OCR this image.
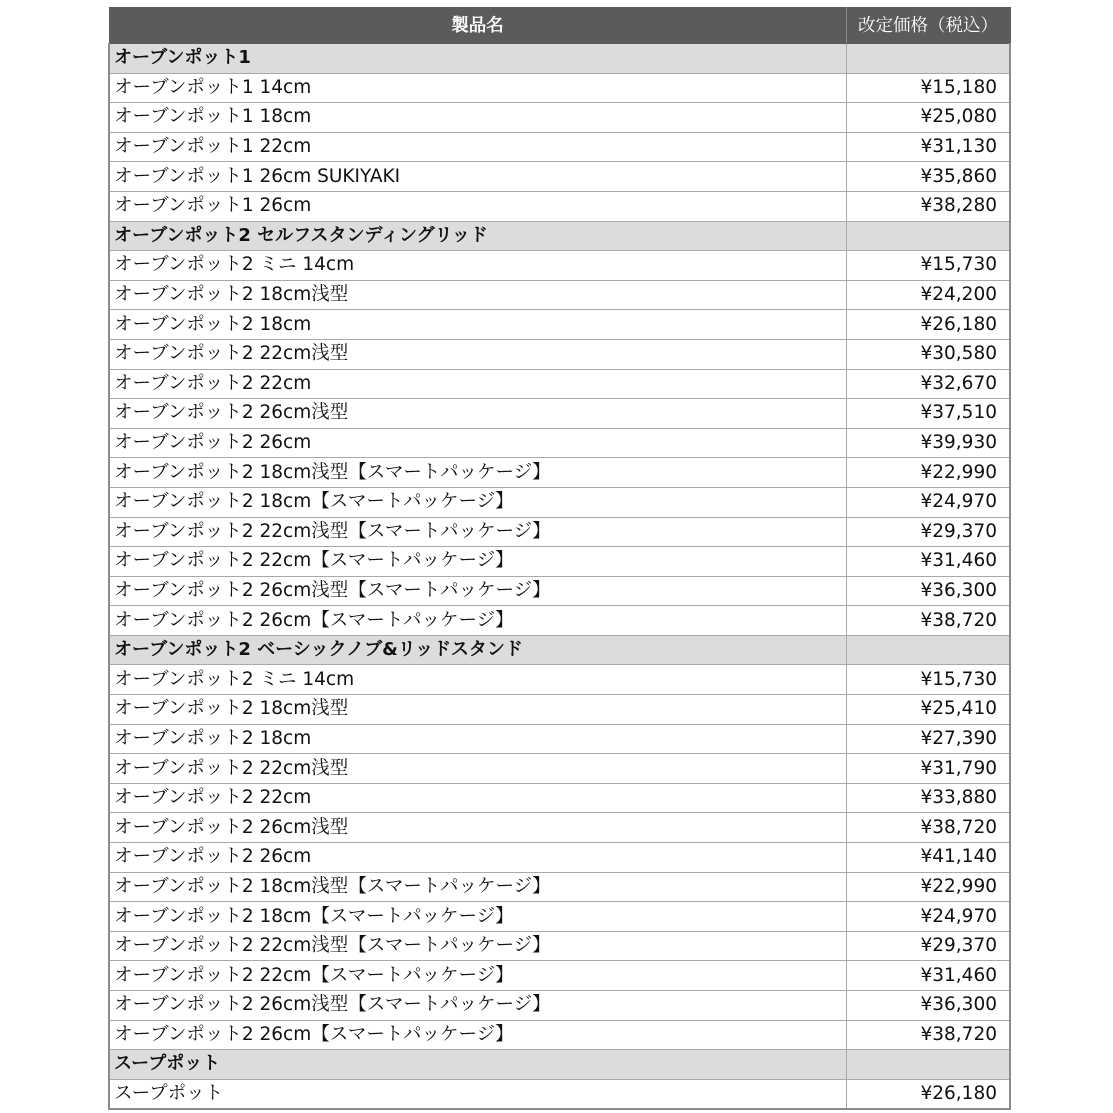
製品名	改定価格（税込）
オーブンポット1	
オーブンポット1 14cm	¥15,180
オーブンポット1 18cm	¥25,080
オーブンポット1 22cm	¥31,130
オーブンポット1 26cm SUKIYAKI	¥35,860
オーブンポット1 26cm	¥38,280
オーブンポット2 セルフスタンディングリッド	
オーブンポット2 ミニ 14cm	¥15,730
オーブンポット2 18cm浅型	¥24,200
オーブンポット2 18cm	¥26,180
オーブンポット2 22cm浅型	¥30,580
オーブンポット2 22cm	¥32,670
オーブンポット2 26cm浅型	¥37,510
オーブンポット2 26cm	¥39,930
オーブンポット2 18cm浅型【スマートパッケージ】	¥22,990
オーブンポット2 18cm【スマートパッケージ】	¥24,970
オーブンポット2 22cm浅型【スマートパッケージ】	¥29,370
オーブンポット2 22cm【スマートパッケージ】	¥31,460
オーブンポット2 26cm浅型【スマートパッケージ】	¥36,300
オーブンポット2 26cm【スマートパッケージ】	¥38,720
オーブンポット2 ベーシックノブ&リッドスタンド	
オーブンポット2 ミニ 14cm	¥15,730
オーブンポット2 18cm浅型	¥25,410
オーブンポット2 18cm	¥27,390
オーブンポット2 22cm浅型	¥31,790
オーブンポット2 22cm	¥33,880
オーブンポット2 26cm浅型	¥38,720
オーブンポット2 26cm	¥41,140
オーブンポット2 18cm浅型【スマートパッケージ】	¥22,990
オーブンポット2 18cm【スマートパッケージ】	¥24,970
オーブンポット2 22cm浅型【スマートパッケージ】	¥29,370
オーブンポット2 22cm【スマートパッケージ】	¥31,460
オーブンポット2 26cm浅型【スマートパッケージ】	¥36,300
オーブンポット2 26cm【スマートパッケージ】	¥38,720
スープポット	
スープポット	¥26,180
